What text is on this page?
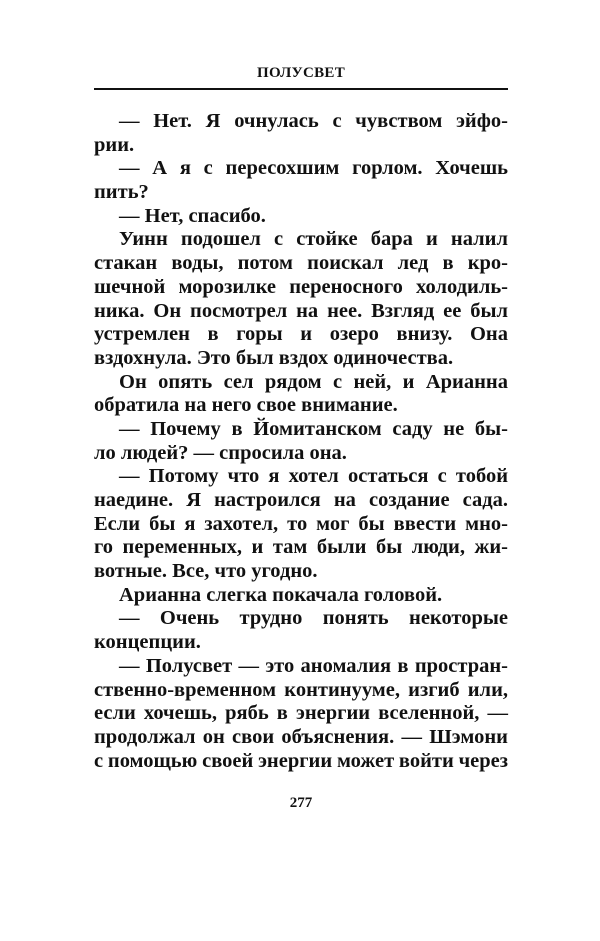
ПОЛУСВЕТ
— Нет. Я очнулась с чувством эйфо-
рии.
— А я с пересохшим горлом. Хочешь
пить?
— Нет, спасибо.
Уинн подошел с стойке бара и налил
стакан воды, потом поискал лед в кро-
шечной морозилке переносного холодиль-
ника. Он посмотрел на нее. Взгляд ее был
устремлен в горы и озеро внизу. Она
вздохнула. Это был вздох одиночества.
Он опять сел рядом с ней, и Арианна
обратила на него свое внимание.
— Почему в Йомитанском саду не бы-
ло людей? — спросила она.
— Потому что я хотел остаться с тобой
наедине. Я настроился на создание сада.
Если бы я захотел, то мог бы ввести мно-
го переменных, и там были бы люди, жи-
вотные. Все, что угодно.
Арианна слегка покачала головой.
— Очень трудно понять некоторые
концепции.
— Полусвет — это аномалия в простран-
ственно-временном континууме, изгиб или,
если хочешь, рябь в энергии вселенной, —
продолжал он свои объяснения. — Шэмони
с помощью своей энергии может войти через
277
